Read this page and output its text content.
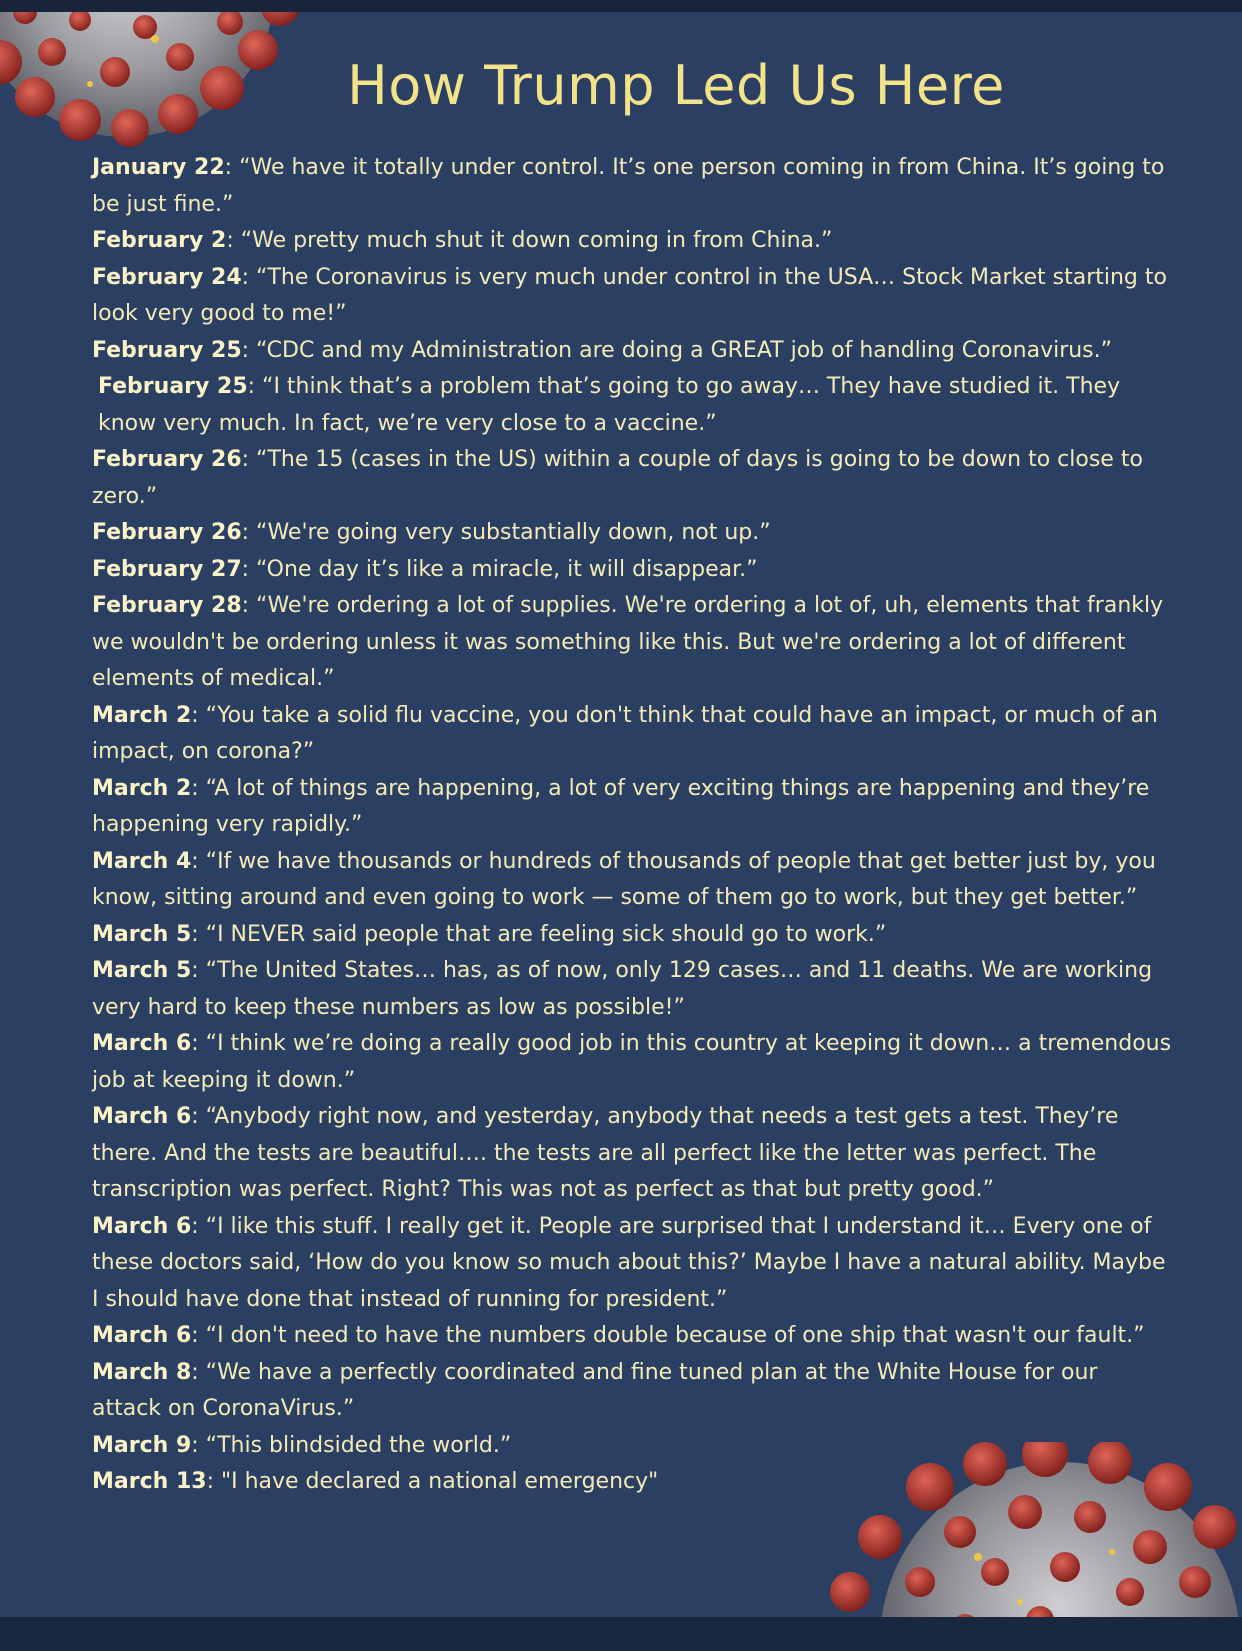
How Trump Led Us Here

January 22: “We have it totally under control. It’s one person coming in from China. It’s going to be just fine.”

February 2: “We pretty much shut it down coming in from China.”

February 24: “The Coronavirus is very much under control in the USA… Stock Market starting to look very good to me!”

February 25: “CDC and my Administration are doing a GREAT job of handling Coronavirus.”

February 25: “I think that’s a problem that’s going to go away… They have studied it. They know very much. In fact, we’re very close to a vaccine.”

February 26: “The 15 (cases in the US) within a couple of days is going to be down to close to zero.”

February 26: “We're going very substantially down, not up.”

February 27: “One day it’s like a miracle, it will disappear.”

February 28: “We're ordering a lot of supplies. We're ordering a lot of, uh, elements that frankly we wouldn't be ordering unless it was something like this. But we're ordering a lot of different elements of medical.”

March 2: “You take a solid flu vaccine, you don't think that could have an impact, or much of an impact, on corona?”

March 2: “A lot of things are happening, a lot of very exciting things are happening and they’re happening very rapidly.”

March 4: “If we have thousands or hundreds of thousands of people that get better just by, you know, sitting around and even going to work — some of them go to work, but they get better.”

March 5: “I NEVER said people that are feeling sick should go to work.”

March 5: “The United States… has, as of now, only 129 cases… and 11 deaths. We are working very hard to keep these numbers as low as possible!”

March 6: “I think we’re doing a really good job in this country at keeping it down… a tremendous job at keeping it down.”

March 6: “Anybody right now, and yesterday, anybody that needs a test gets a test. They’re there. And the tests are beautiful…. the tests are all perfect like the letter was perfect. The transcription was perfect. Right? This was not as perfect as that but pretty good.”

March 6: “I like this stuff. I really get it. People are surprised that I understand it… Every one of these doctors said, ‘How do you know so much about this?’ Maybe I have a natural ability. Maybe I should have done that instead of running for president.”

March 6: “I don't need to have the numbers double because of one ship that wasn't our fault.”

March 8: “We have a perfectly coordinated and fine tuned plan at the White House for our attack on CoronaVirus.”

March 9: “This blindsided the world.”

March 13: "I have declared a national emergency"
